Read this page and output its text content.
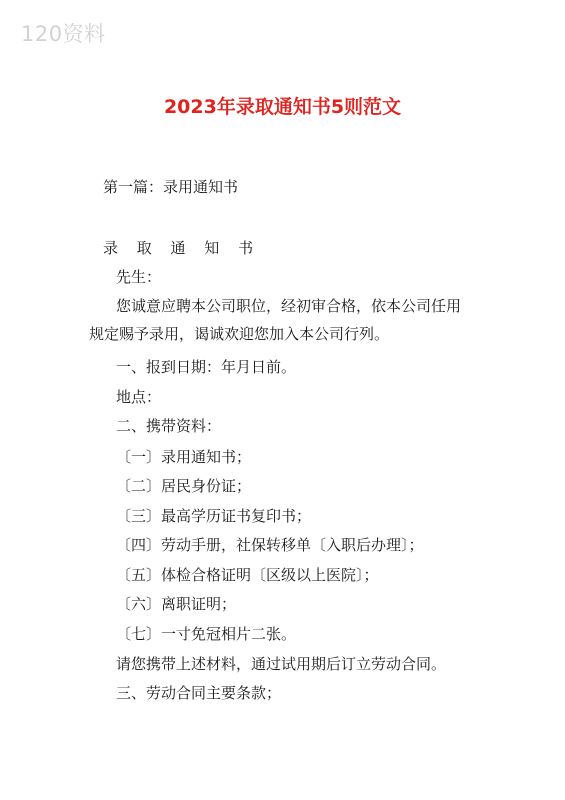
120资料
2023年录取通知书5则范文
第一篇：录用通知书
录 取 通 知 书
先生：
您诚意应聘本公司职位，经初审合格，依本公司任用
规定赐予录用，谒诚欢迎您加入本公司行列。
一、报到日期：年月日前。
地点：
二、携带资料：
〔一〕录用通知书；
〔二〕居民身份证；
〔三〕最高学历证书复印书；
〔四〕劳动手册，社保转移单〔入职后办理〕；
〔五〕体检合格证明〔区级以上医院〕；
〔六〕离职证明；
〔七〕一寸免冠相片二张。
请您携带上述材料，通过试用期后订立劳动合同。
三、劳动合同主要条款；
